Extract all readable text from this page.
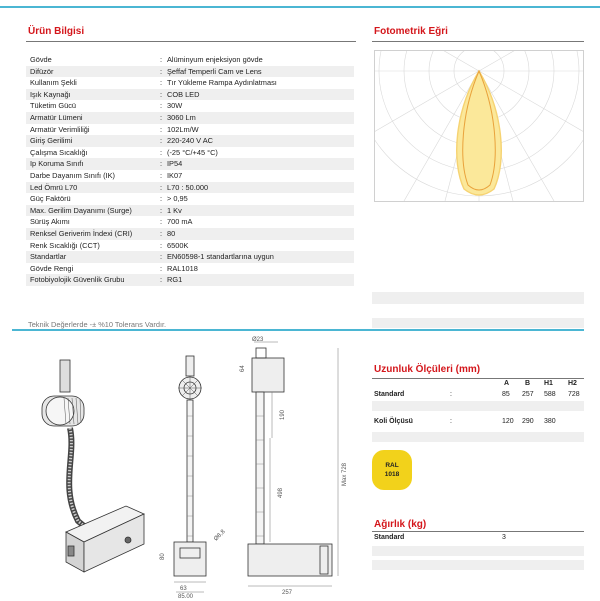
Ürün Bilgisi
Gövde	: Alüminyum enjeksiyon gövde
Difüzör	: Şeffaf Temperli Cam ve Lens
Kullanım Şekli	: Tır Yükleme Rampa Aydınlatması
Işık Kaynağı	: COB LED
Tüketim Gücü	: 30W
Armatür Lümeni	: 3060 Lm
Armatür Verimliliği	: 102Lm/W
Giriş Gerilimi	: 220-240 V AC
Çalışma Sıcaklığı	: (-25 °C/+45 °C)
Ip Koruma Sınıfı	: IP54
Darbe Dayanım Sınıfı (IK)	: IK07
Led Ömrü L70	: L70 : 50.000
Güç Faktörü	: > 0,95
Max. Gerilim Dayanımı (Surge)	: 1 Kv
Sürüş Akımı	: 700 mA
Renksel Geriverim İndexi (CRI)	: 80
Renk Sıcaklığı (CCT)	: 6500K
Standartlar	: EN60598-1 standartlarına uygun
Gövde Rengi	: RAL1018
Fotobiyolojik Güvenlik Grubu	: RG1
Teknik Değerlerde -± %10 Tolerans Vardır.
Fotometrik Eğri
63
85,00
80
Ø8,8
Ø23
64
190
498
Max 728
257
Uzunluk Ölçüleri (mm)
A B H1 H2
Standard	:	85 257 588 728
Koli Ölçüsü	:	120 290 380
RAL
1018
Ağırlık (kg)
Standard	3
